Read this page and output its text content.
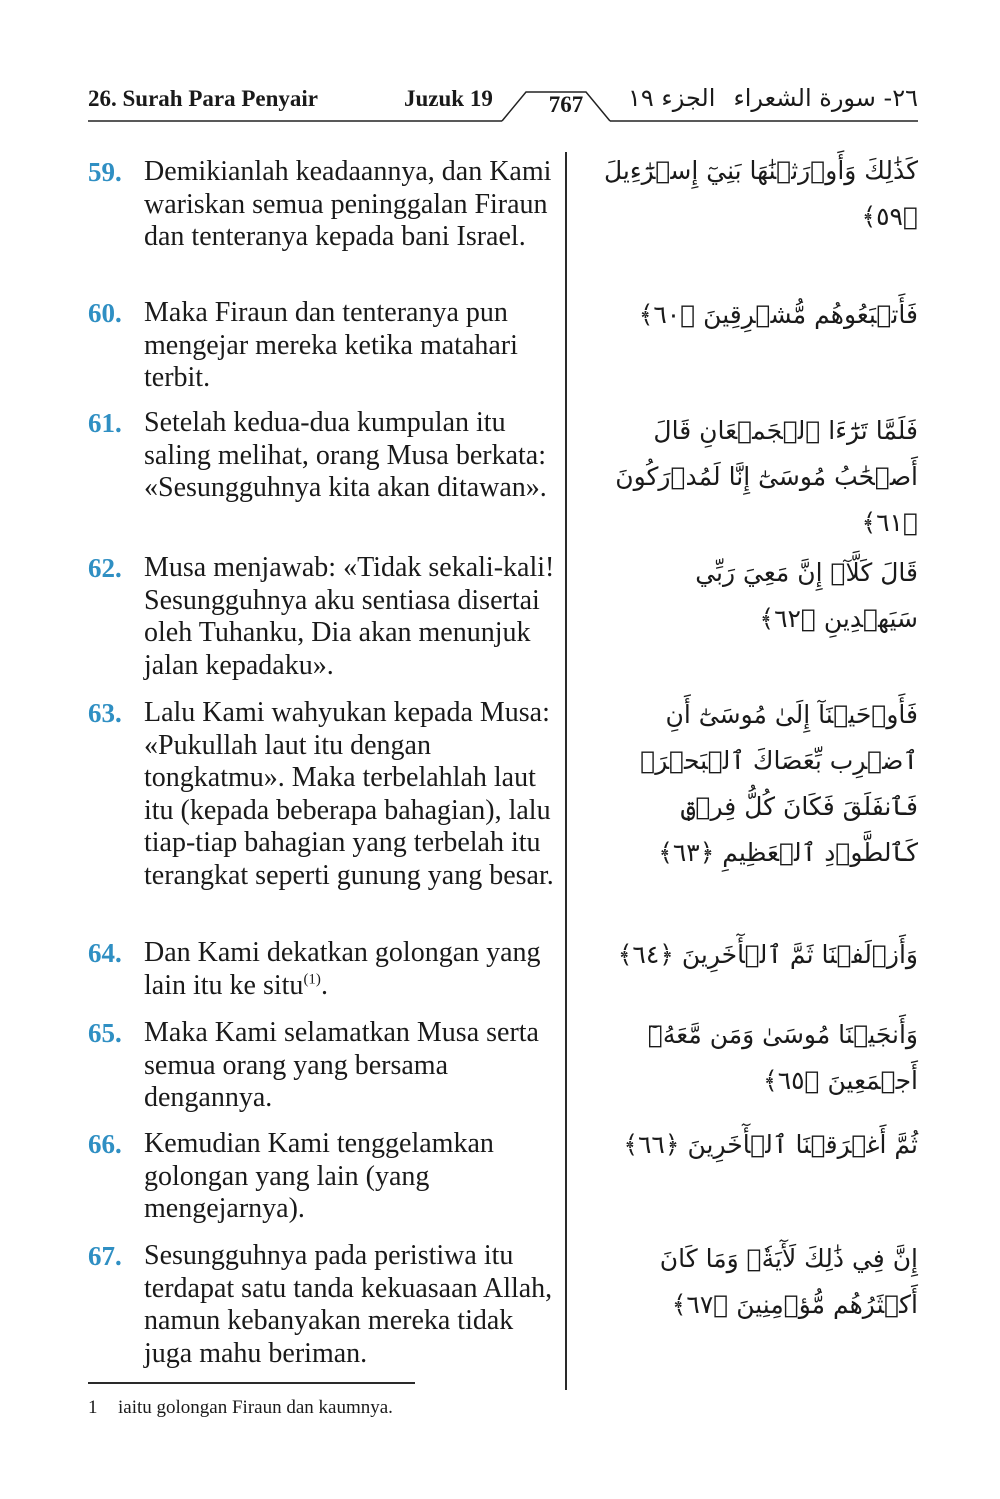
26. Surah Para Penyair	Juzuk 19	767	الجزء ١٩ ٢٦- سورة الشعراء
59. Demikianlah keadaannya, dan Kami wariskan semua peninggalan Firaun dan tenteranya kepada bani Israel.
كَذَٰلِكَ وَأَوۡرَثۡنَٰهَا بَنِيٓ إِسۡرَٰٓءِيلَ ﴿٥٩﴾
60. Maka Firaun dan tenteranya pun mengejar mereka ketika matahari terbit.
فَأَتۡبَعُوهُم مُّشۡرِقِينَ ﴿٦٠﴾
61. Setelah kedua-dua kumpulan itu saling melihat, orang Musa berkata: «Sesungguhnya kita akan ditawan».
فَلَمَّا تَرَٰٓءَا ٱلۡجَمۡعَانِ قَالَ أَصۡحَٰبُ مُوسَىٰٓ إِنَّا لَمُدۡرَكُونَ ﴿٦١﴾
62. Musa menjawab: «Tidak sekali-kali! Sesungguhnya aku sentiasa disertai oleh Tuhanku, Dia akan menunjuk jalan kepadaku».
قَالَ كَلَّآۖ إِنَّ مَعِيَ رَبِّي سَيَهۡدِينِ ﴿٦٢﴾
63. Lalu Kami wahyukan kepada Musa: «Pukullah laut itu dengan tongkatmu». Maka terbelahlah laut itu (kepada beberapa bahagian), lalu tiap-tiap bahagian yang terbelah itu terangkat seperti gunung yang besar.
فَأَوۡحَيۡنَآ إِلَىٰ مُوسَىٰٓ أَنِ ٱضۡرِب بِّعَصَاكَ ٱلۡبَحۡرَۖ فَٱنفَلَقَ فَكَانَ كُلُّ فِرۡقٖ كَٱلطَّوۡدِ ٱلۡعَظِيمِ ﴿٦٣﴾
64. Dan Kami dekatkan golongan yang lain itu ke situ$^{(1)}$.
وَأَزۡلَفۡنَا ثَمَّ ٱلۡأٓخَرِينَ ﴿٦٤﴾
65. Maka Kami selamatkan Musa serta semua orang yang bersama dengannya.
وَأَنجَيۡنَا مُوسَىٰ وَمَن مَّعَهُۥٓ أَجۡمَعِينَ ﴿٦٥﴾
66. Kemudian Kami tenggelamkan golongan yang lain (yang mengejarnya).
ثُمَّ أَغۡرَقۡنَا ٱلۡأٓخَرِينَ ﴿٦٦﴾
67. Sesungguhnya pada peristiwa itu terdapat satu tanda kekuasaan Allah, namun kebanyakan mereka tidak juga mahu beriman.
إِنَّ فِي ذَٰلِكَ لَأٓيَةٗۖ وَمَا كَانَ أَكۡثَرُهُم مُّؤۡمِنِينَ ﴿٦٧﴾
1 iaitu golongan Firaun dan kaumnya.
